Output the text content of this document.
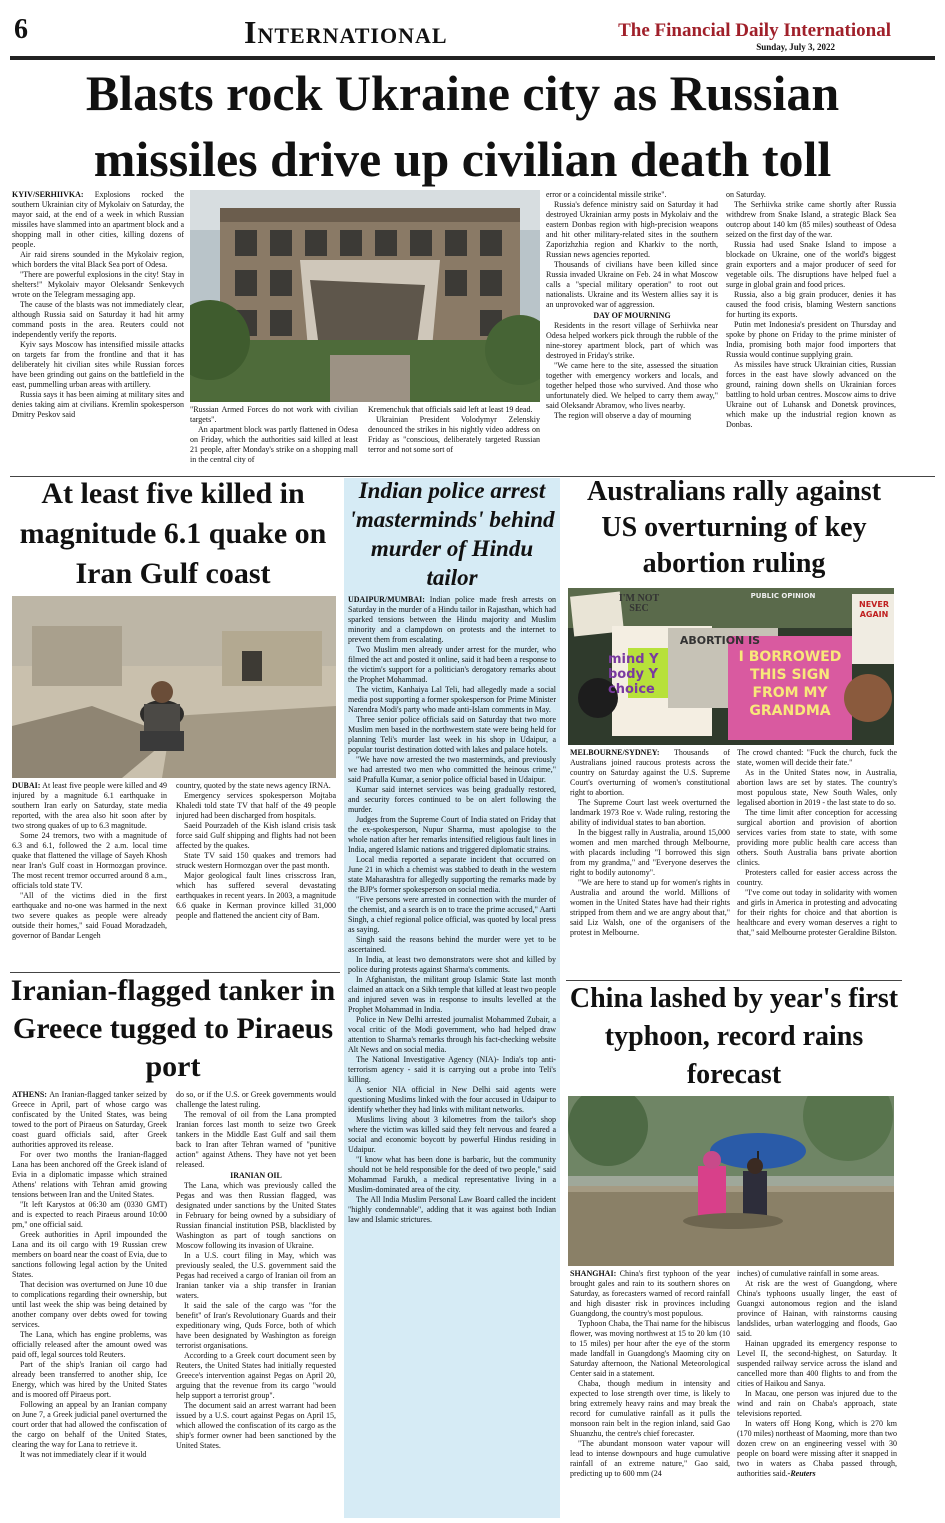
6	International	The Financial Daily International
Sunday, July 3, 2022
Blasts rock Ukraine city as Russian missiles drive up civilian death toll

KYIV/SERHIIVKA: Explosions rocked the southern Ukrainian city of Mykolaiv on Saturday, the mayor said, at the end of a week in which Russian missiles have slammed into an apartment block and a shopping mall in other cities, killing dozens of people.

Air raid sirens sounded in the Mykolaiv region, which borders the vital Black Sea port of Odesa.

"There are powerful explosions in the city! Stay in shelters!" Mykolaiv mayor Oleksandr Senkevych wrote on the Telegram messaging app.

The cause of the blasts was not immediately clear, although Russia said on Saturday it had hit army command posts in the area. Reuters could not independently verify the reports.

Kyiv says Moscow has intensified missile attacks on targets far from the frontline and that it has deliberately hit civilian sites while Russian forces have been grinding out gains on the battlefield in the east, pummelling urban areas with artillery.

Russia says it has been aiming at military sites and denies taking aim at civilians. Kremlin spokesperson Dmitry Peskov said

"Russian Armed Forces do not work with civilian targets".

An apartment block was partly flattened in Odesa on Friday, which the authorities said killed at least 21 people, after Monday's strike on a shopping mall in the central city of

Kremenchuk that officials said left at least 19 dead.

Ukrainian President Volodymyr Zelenskiy denounced the strikes in his nightly video address on Friday as "conscious, deliberately targeted Russian terror and not some sort of

error or a coincidental missile strike".

Russia's defence ministry said on Saturday it had destroyed Ukrainian army posts in Mykolaiv and the eastern Donbas region with high-precision weapons and hit other military-related sites in the southern Zaporizhzhia region and Kharkiv to the north, Russian news agencies reported.

Thousands of civilians have been killed since Russia invaded Ukraine on Feb. 24 in what Moscow calls a "special military operation" to root out nationalists. Ukraine and its Western allies say it is an unprovoked war of aggression.

DAY OF MOURNING

Residents in the resort village of Serhiivka near Odesa helped workers pick through the rubble of the nine-storey apartment block, part of which was destroyed in Friday's strike.

"We came here to the site, assessed the situation together with emergency workers and locals, and together helped those who survived. And those who unfortunately died. We helped to carry them away," said Oleksandr Abramov, who lives nearby.

The region will observe a day of mourning

on Saturday.

The Serhiivka strike came shortly after Russia withdrew from Snake Island, a strategic Black Sea outcrop about 140 km (85 miles) southeast of Odesa seized on the first day of the war.

Russia had used Snake Island to impose a blockade on Ukraine, one of the world's biggest grain exporters and a major producer of seed for vegetable oils. The disruptions have helped fuel a surge in global grain and food prices.

Russia, also a big grain producer, denies it has caused the food crisis, blaming Western sanctions for hurting its exports.

Putin met Indonesia's president on Thursday and spoke by phone on Friday to the prime minister of India, promising both major food importers that Russia would continue supplying grain.

As missiles have struck Ukrainian cities, Russian forces in the east have slowly advanced on the ground, raining down shells on Ukrainian forces battling to hold urban centres. Moscow aims to drive Ukraine out of Luhansk and Donetsk provinces, which make up the industrial region known as Donbas.

At least five killed in magnitude 6.1 quake on Iran Gulf coast

DUBAI: At least five people were killed and 49 injured by a magnitude 6.1 earthquake in southern Iran early on Saturday, state media reported, with the area also hit soon after by two strong quakes of up to 6.3 magnitude.

Some 24 tremors, two with a magnitude of 6.3 and 6.1, followed the 2 a.m. local time quake that flattened the village of Sayeh Khosh near Iran's Gulf coast in Hormozgan province. The most recent tremor occurred around 8 a.m., officials told state TV.

"All of the victims died in the first earthquake and no-one was harmed in the next two severe quakes as people were already outside their homes," said Fouad Moradzadeh, governor of Bandar Lengeh

country, quoted by the state news agency IRNA.

Emergency services spokesperson Mojtaba Khaledi told state TV that half of the 49 people injured had been discharged from hospitals.

Saeid Pourzadeh of the Kish island crisis task force said Gulf shipping and flights had not been affected by the quakes.

State TV said 150 quakes and tremors had struck western Hormozgan over the past month.

Major geological fault lines crisscross Iran, which has suffered several devastating earthquakes in recent years. In 2003, a magnitude 6.6 quake in Kerman province killed 31,000 people and flattened the ancient city of Bam.

Iranian-flagged tanker in Greece tugged to Piraeus port

ATHENS: An Iranian-flagged tanker seized by Greece in April, part of whose cargo was confiscated by the United States, was being towed to the port of Piraeus on Saturday, Greek coast guard officials said, after Greek authorities approved its release.

For over two months the Iranian-flagged Lana has been anchored off the Greek island of Evia in a diplomatic impasse which strained Athens' relations with Tehran amid growing tensions between Iran and the United States.

"It left Karystos at 06:30 am (0330 GMT) and is expected to reach Piraeus around 10:00 pm," one official said.

Greek authorities in April impounded the Lana and its oil cargo with 19 Russian crew members on board near the coast of Evia, due to sanctions following legal action by the United States.

That decision was overturned on June 10 due to complications regarding their ownership, but until last week the ship was being detained by another company over debts owed for towing services.

The Lana, which has engine problems, was officially released after the amount owed was paid off, legal sources told Reuters.

Part of the ship's Iranian oil cargo had already been transferred to another ship, Ice Energy, which was hired by the United States and is moored off Piraeus port.

Following an appeal by an Iranian company on June 7, a Greek judicial panel overturned the court order that had allowed the confiscation of the cargo on behalf of the United States, clearing the way for Lana to retrieve it.

It was not immediately clear if it would

do so, or if the U.S. or Greek governments would challenge the latest ruling.

The removal of oil from the Lana prompted Iranian forces last month to seize two Greek tankers in the Middle East Gulf and sail them back to Iran after Tehran warned of "punitive action" against Athens. They have not yet been released.

IRANIAN OIL

The Lana, which was previously called the Pegas and was then Russian flagged, was designated under sanctions by the United States in February for being owned by a subsidiary of Russian financial institution PSB, blacklisted by Washington as part of tough sanctions on Moscow following its invasion of Ukraine.

In a U.S. court filing in May, which was previously sealed, the U.S. government said the Pegas had received a cargo of Iranian oil from an Iranian tanker via a ship transfer in Iranian waters.

It said the sale of the cargo was "for the benefit" of Iran's Revolutionary Guards and their expeditionary wing, Quds Force, both of which have been designated by Washington as foreign terrorist organisations.

According to a Greek court document seen by Reuters, the United States had initially requested Greece's intervention against Pegas on April 20, arguing that the revenue from its cargo "would help support a terrorist group".

The document said an arrest warrant had been issued by a U.S. court against Pegas on April 15, which allowed the confiscation of its cargo as the ship's former owner had been sanctioned by the United States.

Indian police arrest 'masterminds' behind murder of Hindu tailor

UDAIPUR/MUMBAI: Indian police made fresh arrests on Saturday in the murder of a Hindu tailor in Rajasthan, which had sparked tensions between the Hindu majority and Muslim minority and a clampdown on protests and the internet to prevent them from escalating.

Two Muslim men already under arrest for the murder, who filmed the act and posted it online, said it had been a response to the victim's support for a politician's derogatory remarks about the Prophet Mohammad.

The victim, Kanhaiya Lal Teli, had allegedly made a social media post supporting a former spokesperson for Prime Minister Narendra Modi's party who made anti-Islam comments in May.

Three senior police officials said on Saturday that two more Muslim men based in the northwestern state were being held for planning Teli's murder last week in his shop in Udaipur, a popular tourist destination dotted with lakes and palace hotels.

"We have now arrested the two masterminds, and previously we had arrested two men who committed the heinous crime," said Prafulla Kumar, a senior police official based in Udaipur.

Kumar said internet services was being gradually restored, and security forces continued to be on alert following the murder.

Judges from the Supreme Court of India stated on Friday that the ex-spokesperson, Nupur Sharma, must apologise to the whole nation after her remarks intensified religious fault lines in India, angered Islamic nations and triggered diplomatic strains.

Local media reported a separate incident that occurred on June 21 in which a chemist was stabbed to death in the western state Maharashtra for allegedly supporting the remarks made by the BJP's former spokesperson on social media.

"Five persons were arrested in connection with the murder of the chemist, and a search is on to trace the prime accused," Aarti Singh, a chief regional police official, was quoted by local press as saying.

Singh said the reasons behind the murder were yet to be ascertained.

In India, at least two demonstrators were shot and killed by police during protests against Sharma's comments.

In Afghanistan, the militant group Islamic State last month claimed an attack on a Sikh temple that killed at least two people and injured seven was in response to insults levelled at the Prophet Mohammad in India.

Police in New Delhi arrested journalist Mohammed Zubair, a vocal critic of the Modi government, who had helped draw attention to Sharma's remarks through his fact-checking website Alt News and on social media.

The National Investigative Agency (NIA)- India's top anti-terrorism agency - said it is carrying out a probe into Teli's killing.

A senior NIA official in New Delhi said agents were questioning Muslims linked with the four accused in Udaipur to identify whether they had links with militant networks.

Muslims living about 3 kilometres from the tailor's shop where the victim was killed said they felt nervous and feared a social and economic boycott by powerful Hindus residing in Udaipur.

"I know what has been done is barbaric, but the community should not be held responsible for the deed of two people," said Mohammad Farukh, a medical representative living in a Muslim-dominated area of the city.

The All India Muslim Personal Law Board called the incident "highly condemnable", adding that it was against both Indian law and Islamic strictures.

Australians rally against US overturning of key abortion ruling
I'M NOT SEC
mind Y body Y choice
ABORTION IS
I BORROWED THIS SIGN FROM MY GRANDMA
NEVER AGAIN
PUBLIC OPINION

MELBOURNE/SYDNEY: Thousands of Australians joined raucous protests across the country on Saturday against the U.S. Supreme Court's overturning of women's constitutional right to abortion.

The Supreme Court last week overturned the landmark 1973 Roe v. Wade ruling, restoring the ability of individual states to ban abortion.

In the biggest rally in Australia, around 15,000 women and men marched through Melbourne, with placards including "I borrowed this sign from my grandma," and "Everyone deserves the right to bodily autonomy".

"We are here to stand up for women's rights in Australia and around the world. Millions of women in the United States have had their rights stripped from them and we are angry about that," said Liz Walsh, one of the organisers of the protest in Melbourne.

The crowd chanted: "Fuck the church, fuck the state, women will decide their fate."

As in the United States now, in Australia, abortion laws are set by states. The country's most populous state, New South Wales, only legalised abortion in 2019 - the last state to do so.

The time limit after conception for accessing surgical abortion and provision of abortion services varies from state to state, with some providing more public health care access than others. South Australia bans private abortion clinics.

Protesters called for easier access across the country.

"I've come out today in solidarity with women and girls in America in protesting and advocating for their rights for choice and that abortion is healthcare and every woman deserves a right to that," said Melbourne protester Geraldine Bilston.

China lashed by year's first typhoon, record rains forecast

SHANGHAI: China's first typhoon of the year brought gales and rain to its southern shores on Saturday, as forecasters warned of record rainfall and high disaster risk in provinces including Guangdong, the country's most populous.

Typhoon Chaba, the Thai name for the hibiscus flower, was moving northwest at 15 to 20 km (10 to 15 miles) per hour after the eye of the storm made landfall in Guangdong's Maoming city on Saturday afternoon, the National Meteorological Center said in a statement.

Chaba, though medium in intensity and expected to lose strength over time, is likely to bring extremely heavy rains and may break the record for cumulative rainfall as it pulls the monsoon rain belt in the region inland, said Gao Shuanzhu, the centre's chief forecaster.

"The abundant monsoon water vapour will lead to intense downpours and huge cumulative rainfall of an extreme nature," Gao said, predicting up to 600 mm (24

inches) of cumulative rainfall in some areas.

At risk are the west of Guangdong, where China's typhoons usually linger, the east of Guangxi autonomous region and the island province of Hainan, with rainstorms causing landslides, urban waterlogging and floods, Gao said.

Hainan upgraded its emergency response to Level II, the second-highest, on Saturday. It suspended railway service across the island and cancelled more than 400 flights to and from the cities of Haikou and Sanya.

In Macau, one person was injured due to the wind and rain on Chaba's approach, state televisions reported.

In waters off Hong Kong, which is 270 km (170 miles) northeast of Maoming, more than two dozen crew on an engineering vessel with 30 people on board were missing after it snapped in two in waters as Chaba passed through, authorities said.-Reuters
